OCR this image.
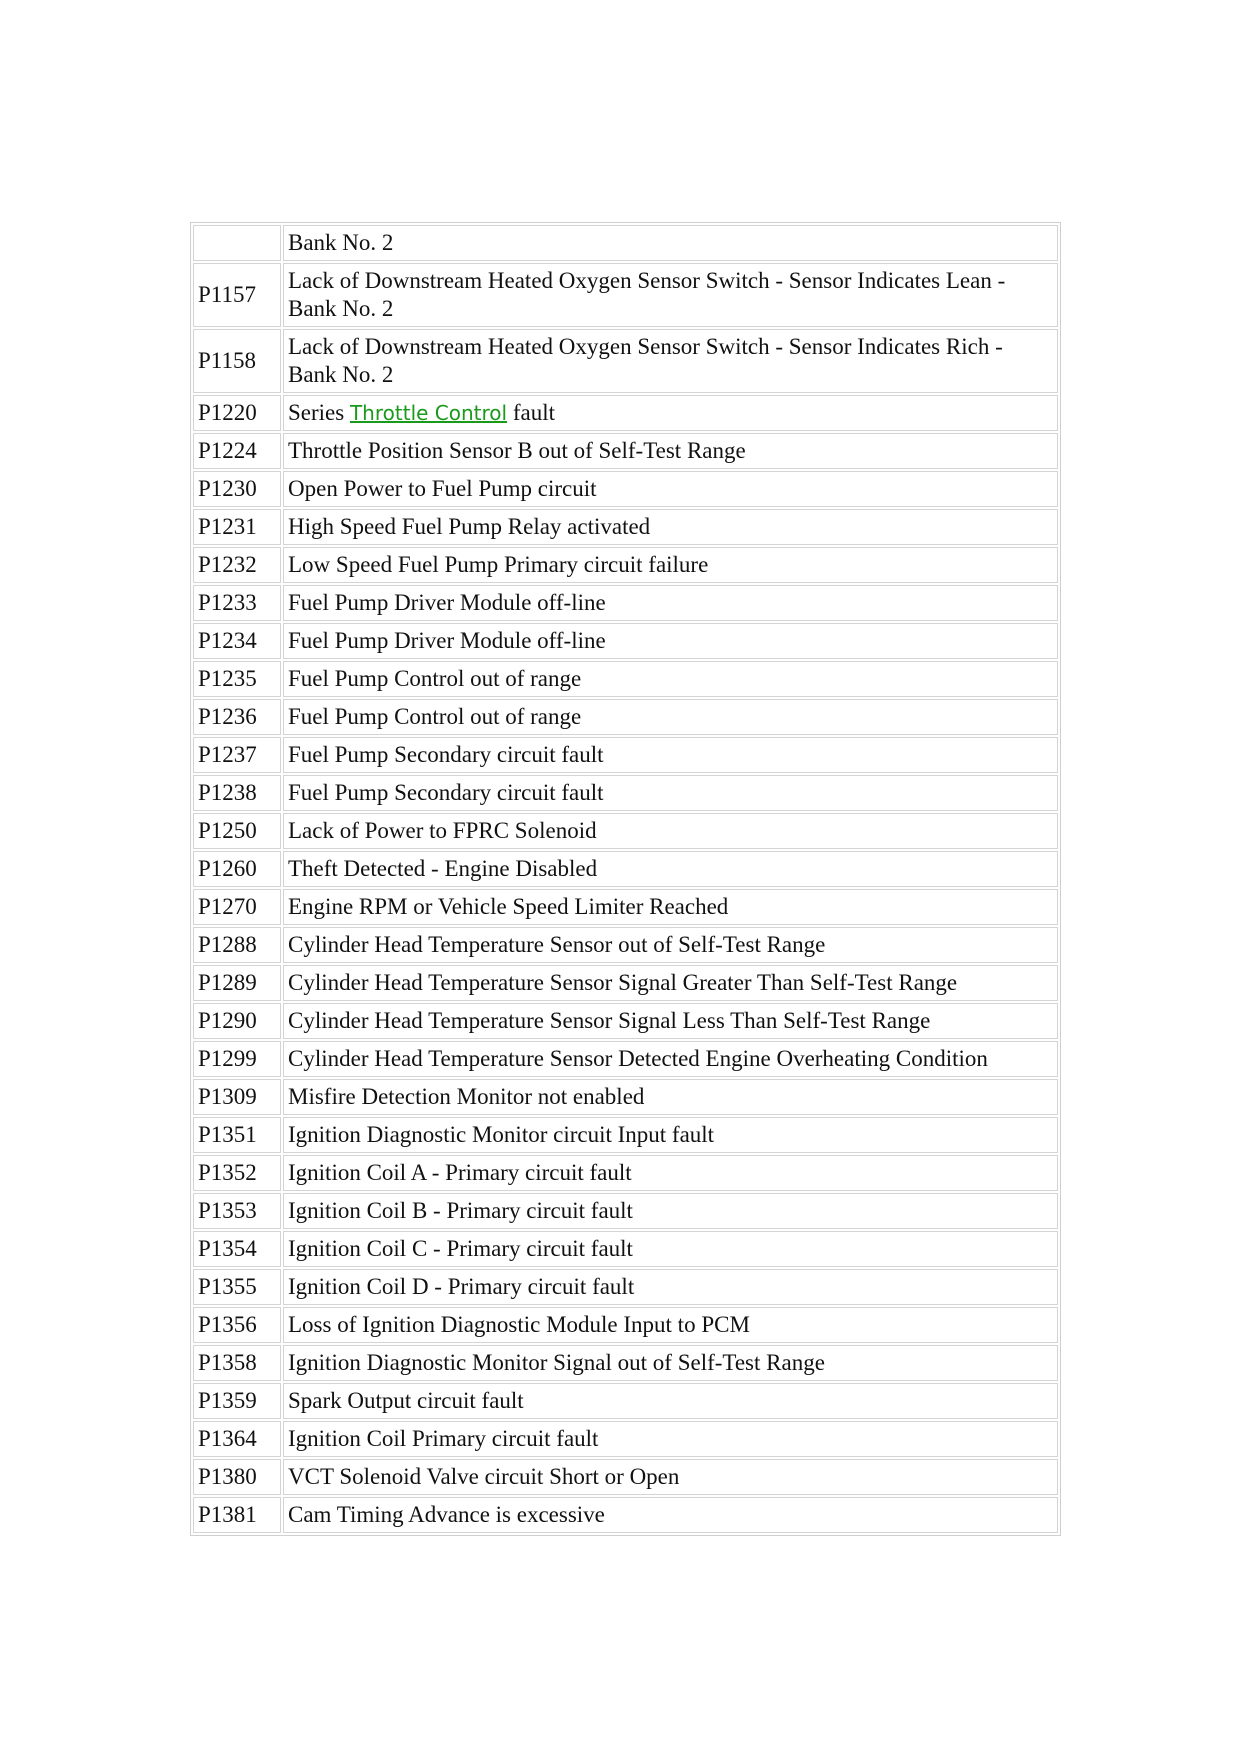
	Bank No. 2
P1157	Lack of Downstream Heated Oxygen Sensor Switch - Sensor Indicates Lean - Bank No. 2
P1158	Lack of Downstream Heated Oxygen Sensor Switch - Sensor Indicates Rich - Bank No. 2
P1220	Series Throttle Control fault
P1224	Throttle Position Sensor B out of Self-Test Range
P1230	Open Power to Fuel Pump circuit
P1231	High Speed Fuel Pump Relay activated
P1232	Low Speed Fuel Pump Primary circuit failure
P1233	Fuel Pump Driver Module off-line
P1234	Fuel Pump Driver Module off-line
P1235	Fuel Pump Control out of range
P1236	Fuel Pump Control out of range
P1237	Fuel Pump Secondary circuit fault
P1238	Fuel Pump Secondary circuit fault
P1250	Lack of Power to FPRC Solenoid
P1260	Theft Detected - Engine Disabled
P1270	Engine RPM or Vehicle Speed Limiter Reached
P1288	Cylinder Head Temperature Sensor out of Self-Test Range
P1289	Cylinder Head Temperature Sensor Signal Greater Than Self-Test Range
P1290	Cylinder Head Temperature Sensor Signal Less Than Self-Test Range
P1299	Cylinder Head Temperature Sensor Detected Engine Overheating Condition
P1309	Misfire Detection Monitor not enabled
P1351	Ignition Diagnostic Monitor circuit Input fault
P1352	Ignition Coil A - Primary circuit fault
P1353	Ignition Coil B - Primary circuit fault
P1354	Ignition Coil C - Primary circuit fault
P1355	Ignition Coil D - Primary circuit fault
P1356	Loss of Ignition Diagnostic Module Input to PCM
P1358	Ignition Diagnostic Monitor Signal out of Self-Test Range
P1359	Spark Output circuit fault
P1364	Ignition Coil Primary circuit fault
P1380	VCT Solenoid Valve circuit Short or Open
P1381	Cam Timing Advance is excessive
